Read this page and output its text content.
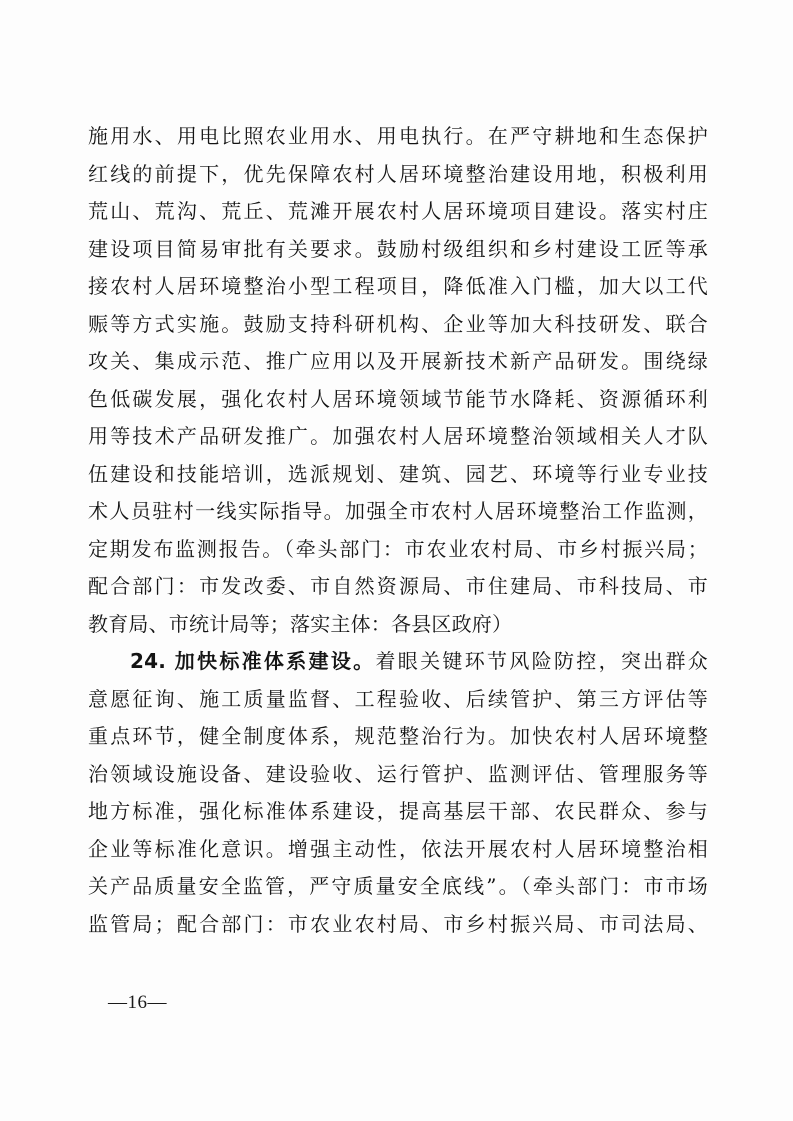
施用水、用电比照农业用水、用电执行。在严守耕地和生态保护
红线的前提下，优先保障农村人居环境整治建设用地，积极利用
荒山、荒沟、荒丘、荒滩开展农村人居环境项目建设。落实村庄
建设项目简易审批有关要求。鼓励村级组织和乡村建设工匠等承
接农村人居环境整治小型工程项目，降低准入门槛，加大以工代
赈等方式实施。鼓励支持科研机构、企业等加大科技研发、联合
攻关、集成示范、推广应用以及开展新技术新产品研发。围绕绿
色低碳发展，强化农村人居环境领域节能节水降耗、资源循环利
用等技术产品研发推广。加强农村人居环境整治领域相关人才队
伍建设和技能培训，选派规划、建筑、园艺、环境等行业专业技
术人员驻村一线实际指导。加强全市农村人居环境整治工作监测，
定期发布监测报告。（牵头部门：市农业农村局、市乡村振兴局；
配合部门：市发改委、市自然资源局、市住建局、市科技局、市
教育局、市统计局等；落实主体：各县区政府）
24. 加快标准体系建设。着眼关键环节风险防控，突出群众
意愿征询、施工质量监督、工程验收、后续管护、第三方评估等
重点环节，健全制度体系，规范整治行为。加快农村人居环境整
治领域设施设备、建设验收、运行管护、监测评估、管理服务等
地方标准，强化标准体系建设，提高基层干部、农民群众、参与
企业等标准化意识。增强主动性，依法开展农村人居环境整治相
关产品质量安全监管，严守质量安全底线”。（牵头部门：市市场
监管局；配合部门：市农业农村局、市乡村振兴局、市司法局、
—16—
